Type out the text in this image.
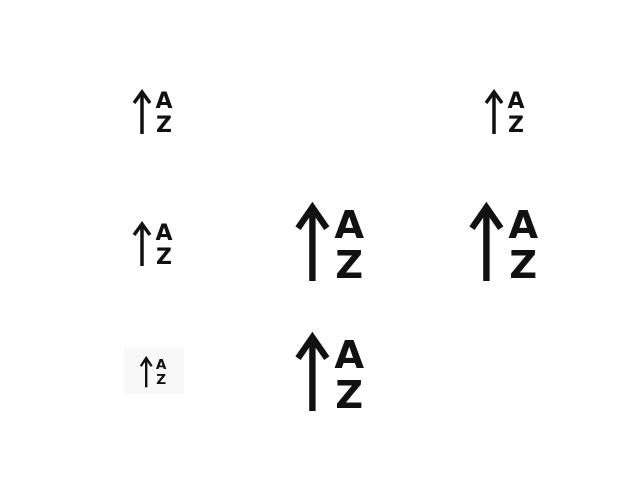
A
Z
A
Z
A
Z
A
Z
A
Z
A
Z
A
Z
